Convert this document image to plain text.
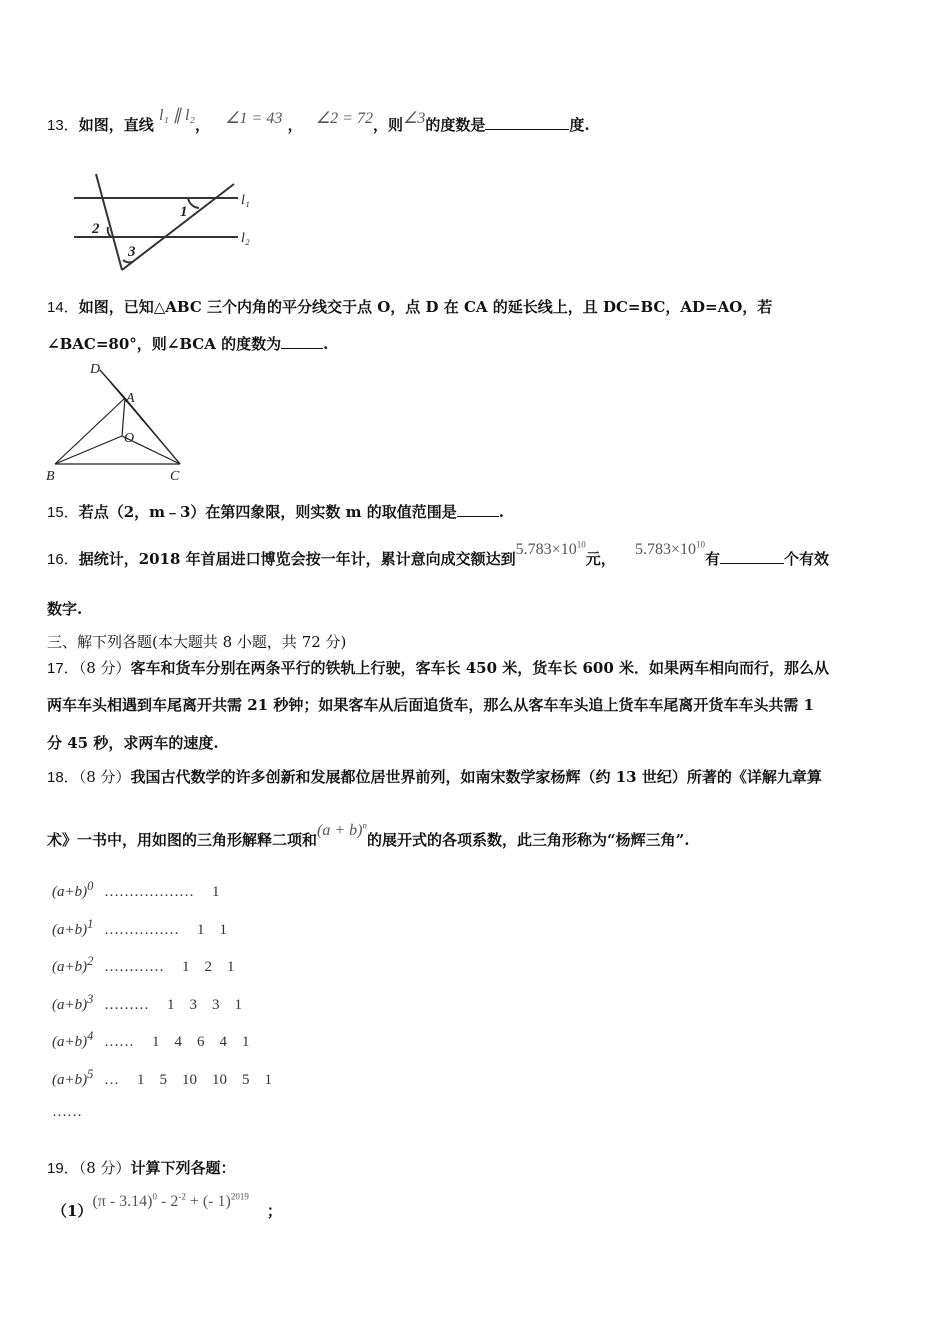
13．如图，直线 l₁ ∥ l₂， ∠1 = 43 ， ∠2 = 72，则∠3的度数是	度.
1
2
3
l₁
l₂
14．如图，已知△ABC 三个内角的平分线交于点 O，点 D 在 CA 的延长线上，且 DC=BC，AD=AO，若
∠BAC=80°，则∠BCA 的度数为	.
D
A
O
B	C
15．若点（2，m﹣3）在第四象限，则实数 m 的取值范围是	.
16．据统计，2018 年首届进口博览会按一年计，累计意向成交额达到$5.783\times 10^{10}$元， $5.783\times 10^{10}$有	个有效
数字.
三、解下列各题(本大题共 8 小题，共 72 分)
17．（8 分）客车和货车分别在两条平行的铁轨上行驶，客车长 450 米，货车长 600 米．如果两车相向而行，那么从
两车车头相遇到车尾离开共需 21 秒钟；如果客车从后面追货车，那么从客车车头追上货车车尾离开货车车头共需 1
分 45 秒，求两车的速度.
18．（8 分）我国古代数学的许多创新和发展都位居世界前列，如南宋数学家杨辉（约 13 世纪）所著的《详解九章算
术》一书中，用如图的三角形解释二项和$(a + b)^n$的展开式的各项系数，此三角形称为“杨辉三角”.
$(a+b)^0$ ……………… 1
$(a+b)^1$ …………… 1    1
$(a+b)^2$ ………… 1    2    1
$(a+b)^3$ ……… 1    3    3    1
$(a+b)^4$ …… 1    4    6    4    1
$(a+b)^5$ … 1    5    10    10    5    1
……
19．（8 分）计算下列各题：
$(1)(\pi - 3.14)^0 - 2^{-2}$ + (- 1)$^{2019}$；
